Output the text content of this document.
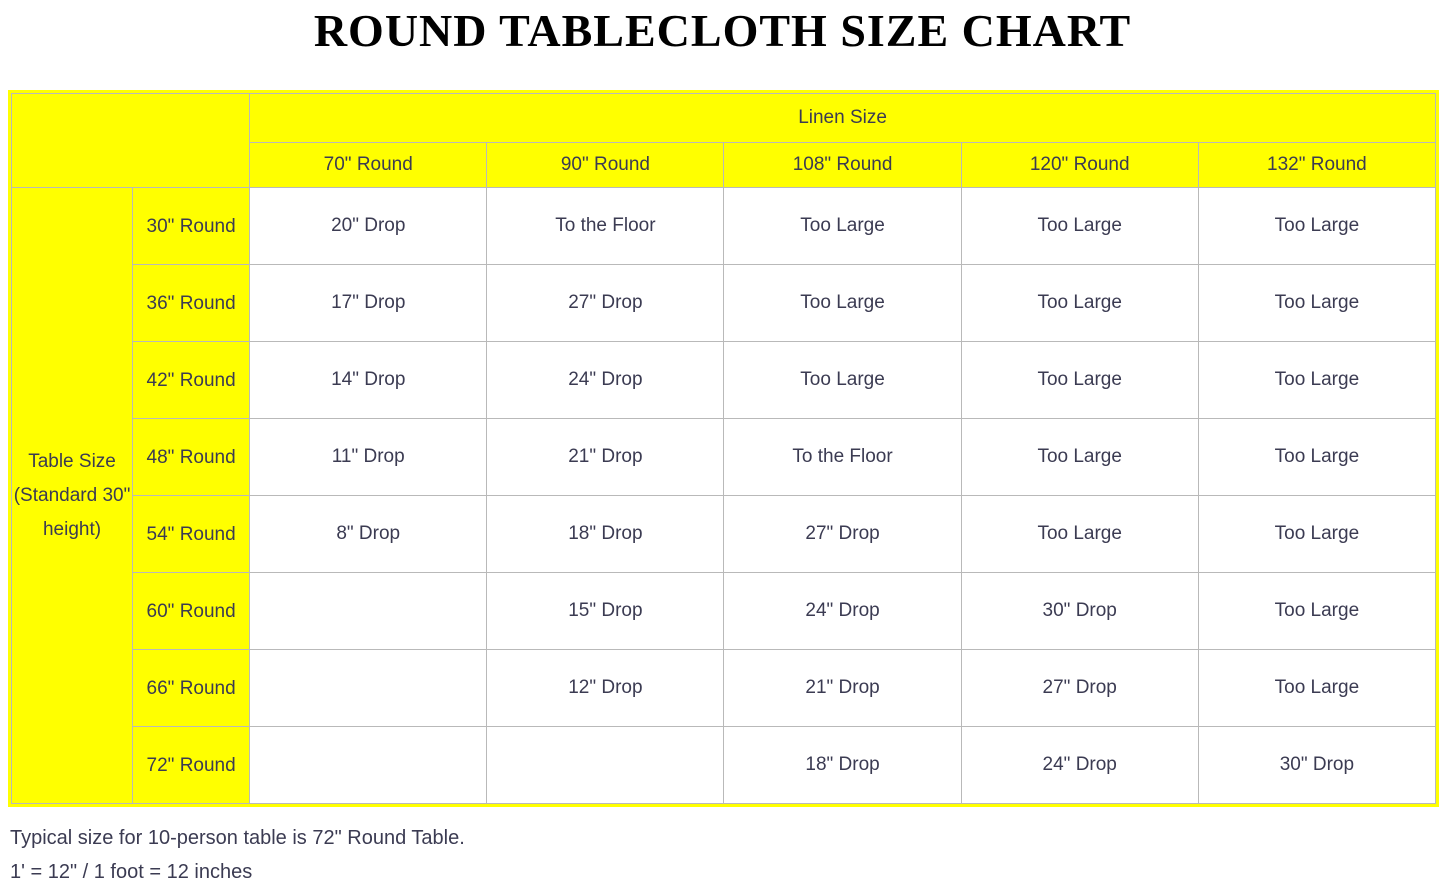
ROUND TABLECLOTH SIZE CHART
		Linen Size				
		70" Round	90" Round	108" Round	120" Round	132" Round
Table Size (Standard 30" height)	30" Round	20" Drop	To the Floor	Too Large	Too Large	Too Large
	36" Round	17" Drop	27" Drop	Too Large	Too Large	Too Large
	42" Round	14" Drop	24" Drop	Too Large	Too Large	Too Large
	48" Round	11" Drop	21" Drop	To the Floor	Too Large	Too Large
	54" Round	8" Drop	18" Drop	27" Drop	Too Large	Too Large
	60" Round		15" Drop	24" Drop	30" Drop	Too Large
	66" Round		12" Drop	21" Drop	27" Drop	Too Large
	72" Round			18" Drop	24" Drop	30" Drop
Typical size for 10-person table is 72" Round Table.
1' = 12" / 1 foot = 12 inches
